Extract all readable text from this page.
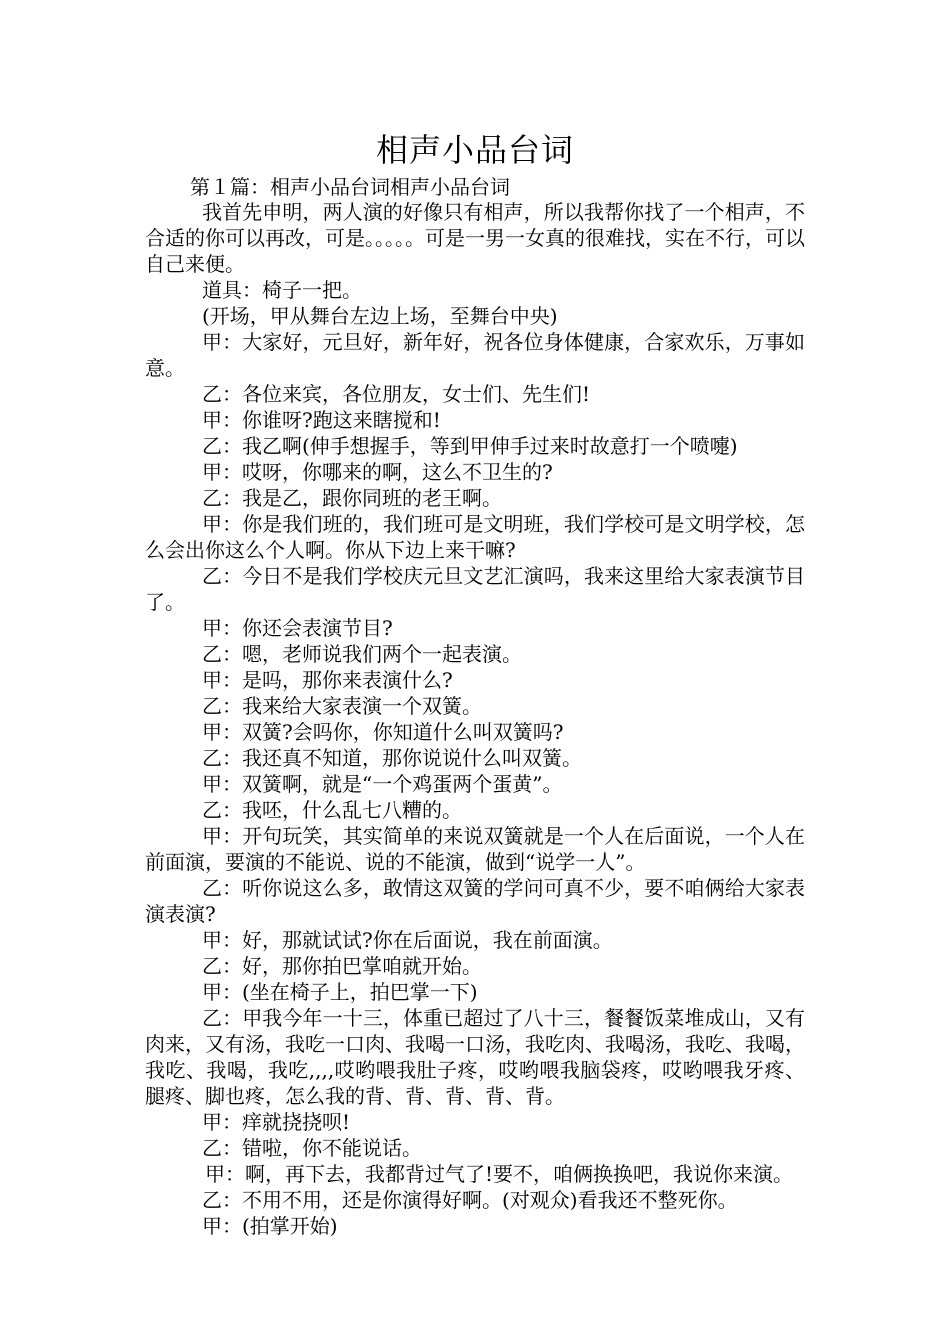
相声小品台词
第１篇：相声小品台词相声小品台词

我首先申明，两人演的好像只有相声，所以我帮你找了一个相声，不合适的你可以再改，可是。。。。。可是一男一女真的很难找，实在不行，可以自己来便。

道具：椅子一把。

(开场，甲从舞台左边上场，至舞台中央)

甲：大家好，元旦好，新年好，祝各位身体健康，合家欢乐，万事如意。

乙：各位来宾，各位朋友，女士们、先生们!

甲：你谁呀?跑这来瞎搅和!

乙：我乙啊(伸手想握手，等到甲伸手过来时故意打一个喷嚏)

甲：哎呀，你哪来的啊，这么不卫生的?

乙：我是乙，跟你同班的老王啊。

甲：你是我们班的，我们班可是文明班，我们学校可是文明学校，怎么会出你这么个人啊。你从下边上来干嘛?

乙：今日不是我们学校庆元旦文艺汇演吗，我来这里给大家表演节目了。

甲：你还会表演节目?

乙：嗯，老师说我们两个一起表演。

甲：是吗，那你来表演什么?

乙：我来给大家表演一个双簧。

甲：双簧?会吗你，你知道什么叫双簧吗?

乙：我还真不知道，那你说说什么叫双簧。

甲：双簧啊，就是“一个鸡蛋两个蛋黄”。

乙：我呸，什么乱七八糟的。

甲：开句玩笑，其实简单的来说双簧就是一个人在后面说，一个人在前面演，要演的不能说、说的不能演，做到“说学一人”。

乙：听你说这么多，敢情这双簧的学问可真不少，要不咱俩给大家表演表演?

甲：好，那就试试?你在后面说，我在前面演。

乙：好，那你拍巴掌咱就开始。

甲：(坐在椅子上，拍巴掌一下)

乙：甲我今年一十三，体重已超过了八十三，餐餐饭菜堆成山，又有肉来，又有汤，我吃一口肉、我喝一口汤，我吃肉、我喝汤，我吃、我喝，我吃、我喝，我吃,,,,哎哟喂我肚子疼，哎哟喂我脑袋疼，哎哟喂我牙疼、腿疼、脚也疼，怎么我的背、背、背、背、背。

甲：痒就挠挠呗!

乙：错啦，你不能说话。

甲：啊，再下去，我都背过气了!要不，咱俩换换吧，我说你来演。

乙：不用不用，还是你演得好啊。(对观众)看我还不整死你。

甲：(拍掌开始)
